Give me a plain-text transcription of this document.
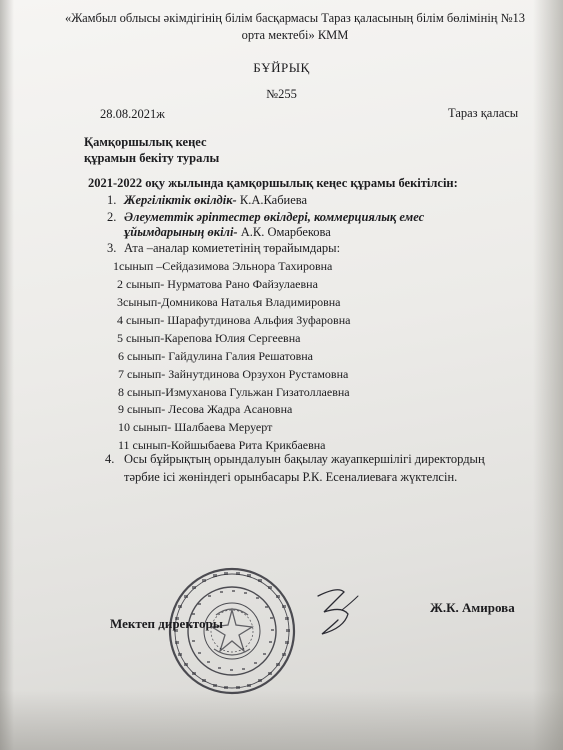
«Жамбыл облысы әкімдігінің білім басқармасы Тараз қаласының білім бөлімінің №13 орта мектебі» КММ
БҰЙРЫҚ
№255
28.08.2021ж	Тараз қаласы
Қамқоршылық кеңес
құрамын бекіту туралы
2021-2022 оқу жылында қамқоршылық кеңес құрамы бекітілсін:
1. Жергіліктік өкілдік- К.А.Кабиева
2. Әлеуметтік әріптестер өкілдері, коммерциялық емес
ұйымдарының өкілі- А.К. Омарбекова
3. Ата –аналар комиететінің төрайымдары:
1сынып –Сейдазимова Эльнора Тахировна
2 сынып- Нурматова Рано Файзулаевна
3сынып-Домникова Наталья Владимировна
4 сынып- Шарафутдинова Альфия Зуфаровна
5 сынып-Карепова Юлия Сергеевна
6 сынып- Гайдулина Галия Решатовна
7 сынып- Зайнутдинова Орзухон Рустамовна
8 сынып-Измуханова Гульжан Гизатоллаевна
9 сынып- Лесова Жадра Асановна
10 сынып- Шалбаева Меруерт
11 сынып-Койшыбаева Рита Крикбаевна
4. Осы бұйрықтың орындалуын бақылау жауапкершілігі директордың
тәрбие ісі жөніндегі орынбасары Р.К. Есеналиеваға жүктелсін.
Мектеп директоры
Ж.К. Амирова
